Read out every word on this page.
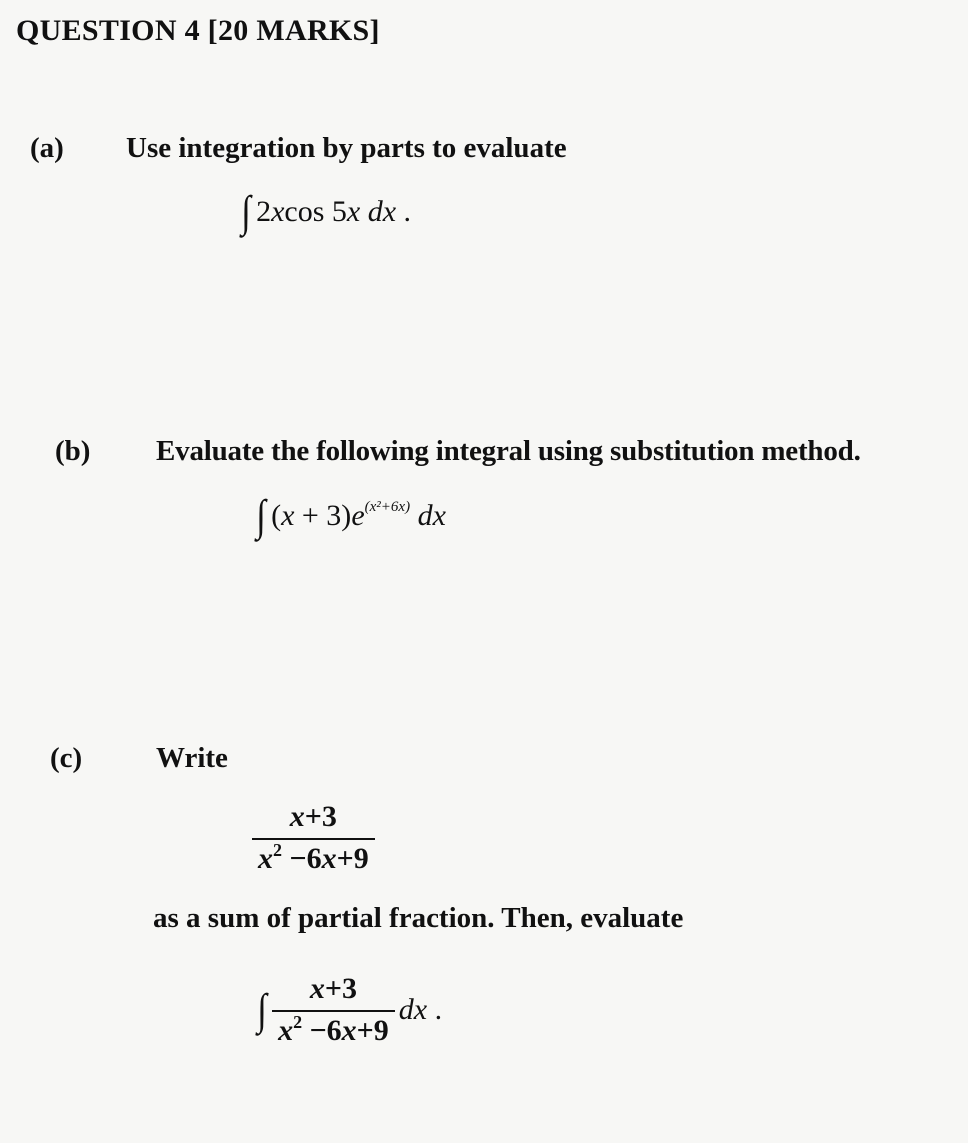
QUESTION 4 [20 MARKS]
(a) Use integration by parts to evaluate
∫ 2xcos 5x dx .
(b) Evaluate the following integral using substitution method.
∫ $(x + 3)e^{(x^2+6x)}$ dx
(c)	Write
$\frac{x+3}{x^2 -6x+9}$
as a sum of partial fraction. Then, evaluate
∫ $\frac{x+3}{x^2 -6x+9}$ dx .
